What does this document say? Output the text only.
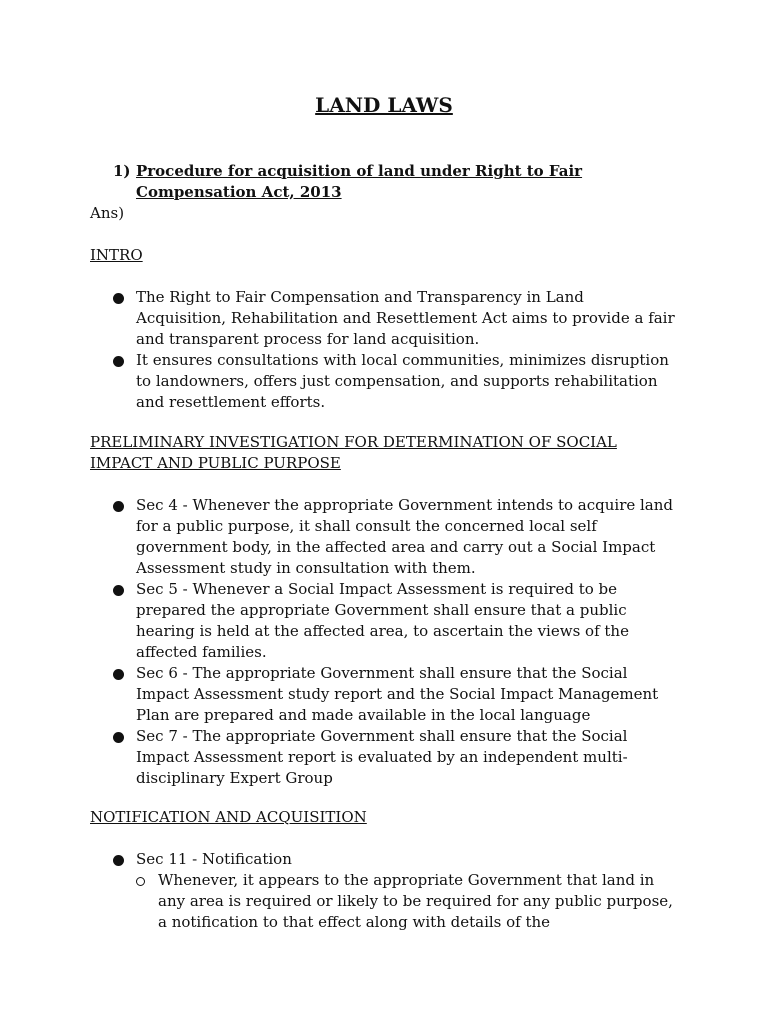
LAND LAWS
1) Procedure for acquisition of land under Right to Fair Compensation Act, 2013
Ans)
INTRO
The Right to Fair Compensation and Transparency in Land Acquisition, Rehabilitation and Resettlement Act aims to provide a fair and transparent process for land acquisition.
It ensures consultations with local communities, minimizes disruption to landowners, offers just compensation, and supports rehabilitation and resettlement efforts.
PRELIMINARY INVESTIGATION FOR DETERMINATION OF SOCIAL IMPACT AND PUBLIC PURPOSE
Sec 4 - Whenever the appropriate Government intends to acquire land for a public purpose, it shall consult the concerned local self government body, in the affected area and carry out a Social Impact Assessment study in consultation with them.
Sec 5 - Whenever a Social Impact Assessment is required to be prepared the appropriate Government shall ensure that a public hearing is held at the affected area, to ascertain the views of the affected families.
Sec 6 - The appropriate Government shall ensure that the Social Impact Assessment study report and the Social Impact Management Plan are prepared and made available in the local language
Sec 7 - The appropriate Government shall ensure that the Social Impact Assessment report is evaluated by an independent multi-disciplinary Expert Group
NOTIFICATION AND ACQUISITION
Sec 11 - Notification
Whenever, it appears to the appropriate Government that land in any area is required or likely to be required for any public purpose, a notification to that effect along with details of the
